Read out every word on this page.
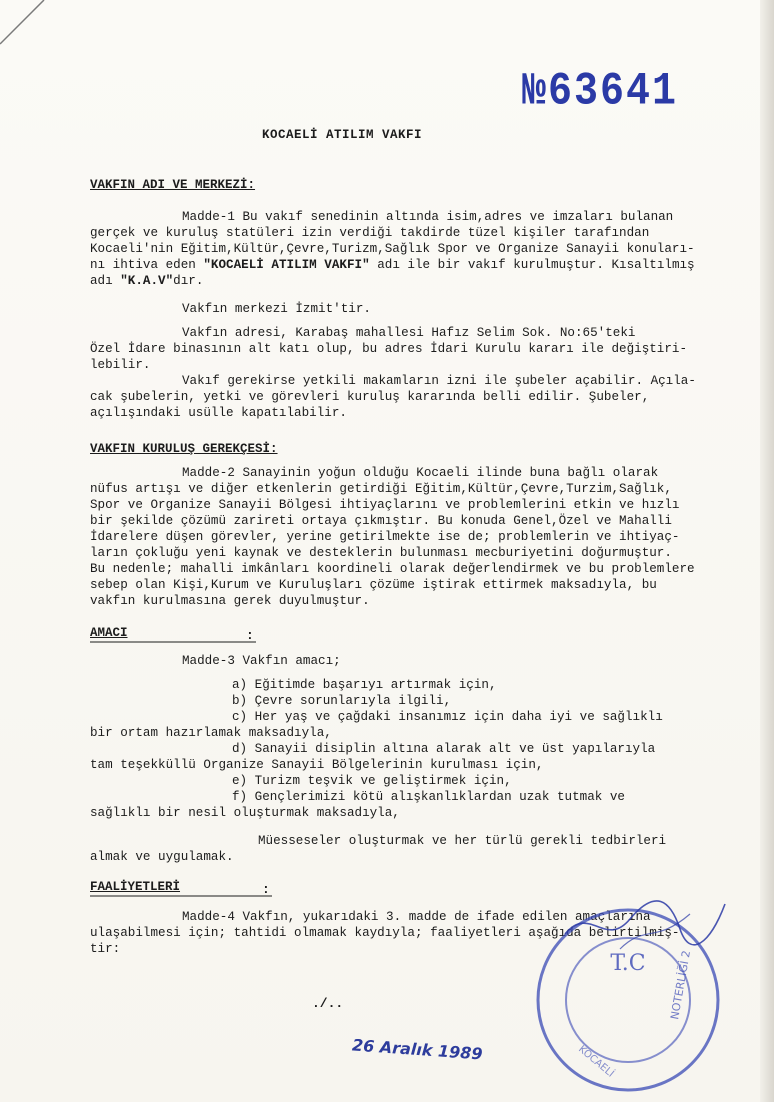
№63641
KOCAELİ ATILIM VAKFI
VAKFIN ADI VE MERKEZİ:
Madde-1 Bu vakıf senedinin altında isim,adres ve imzaları bulanan
gerçek ve kuruluş statüleri izin verdiği takdirde tüzel kişiler tarafından
Kocaeli'nin Eğitim,Kültür,Çevre,Turizm,Sağlık Spor ve Organize Sanayii konuları-
nı ihtiva eden "KOCAELİ ATILIM VAKFI" adı ile bir vakıf kurulmuştur. Kısaltılmış
adı "K.A.V"dır.
Vakfın merkezi İzmit'tir.
Vakfın adresi, Karabaş mahallesi Hafız Selim Sok. No:65'teki
Özel İdare binasının alt katı olup, bu adres İdari Kurulu kararı ile değiştiri-
lebilir.
Vakıf gerekirse yetkili makamların izni ile şubeler açabilir. Açıla-
cak şubelerin, yetki ve görevleri kuruluş kararında belli edilir. Şubeler,
açılışındaki usülle kapatılabilir.
VAKFIN KURULUŞ GEREKÇESİ:
Madde-2 Sanayinin yoğun olduğu Kocaeli ilinde buna bağlı olarak
nüfus artışı ve diğer etkenlerin getirdiği Eğitim,Kültür,Çevre,Turzim,Sağlık,
Spor ve Organize Sanayii Bölgesi ihtiyaçlarını ve problemlerini etkin ve hızlı
bir şekilde çözümü zarireti ortaya çıkmıştır. Bu konuda Genel,Özel ve Mahalli
İdarelere düşen görevler, yerine getirilmekte ise de; problemlerin ve ihtiyaç-
ların çokluğu yeni kaynak ve desteklerin bulunması mecburiyetini doğurmuştur.
Bu nedenle; mahalli imkânları koordineli olarak değerlendirmek ve bu problemlere
sebep olan Kişi,Kurum ve Kuruluşları çözüme iştirak ettirmek maksadıyla, bu
vakfın kurulmasına gerek duyulmuştur.
AMACI	:
Madde-3 Vakfın amacı;
a) Eğitimde başarıyı artırmak için,
b) Çevre sorunlarıyla ilgili,
c) Her yaş ve çağdaki insanımız için daha iyi ve sağlıklı
bir ortam hazırlamak maksadıyla,
d) Sanayii disiplin altına alarak alt ve üst yapılarıyla
tam teşekküllü Organize Sanayii Bölgelerinin kurulması için,
e) Turizm teşvik ve geliştirmek için,
f) Gençlerimizi kötü alışkanlıklardan uzak tutmak ve
sağlıklı bir nesil oluşturmak maksadıyla,
Müesseseler oluşturmak ve her türlü gerekli tedbirleri
almak ve uygulamak.
FAALİYETLERİ	:
Madde-4 Vakfın, yukarıdaki 3. madde de ifade edilen amaçlarına
ulaşabilmesi için; tahtidi olmamak kaydıyla; faaliyetleri aşağıda belirtilmiş-
tir:
./..
26 Aralık 1989
T.C NOTERLİĞİ 2
KOCAELİ
